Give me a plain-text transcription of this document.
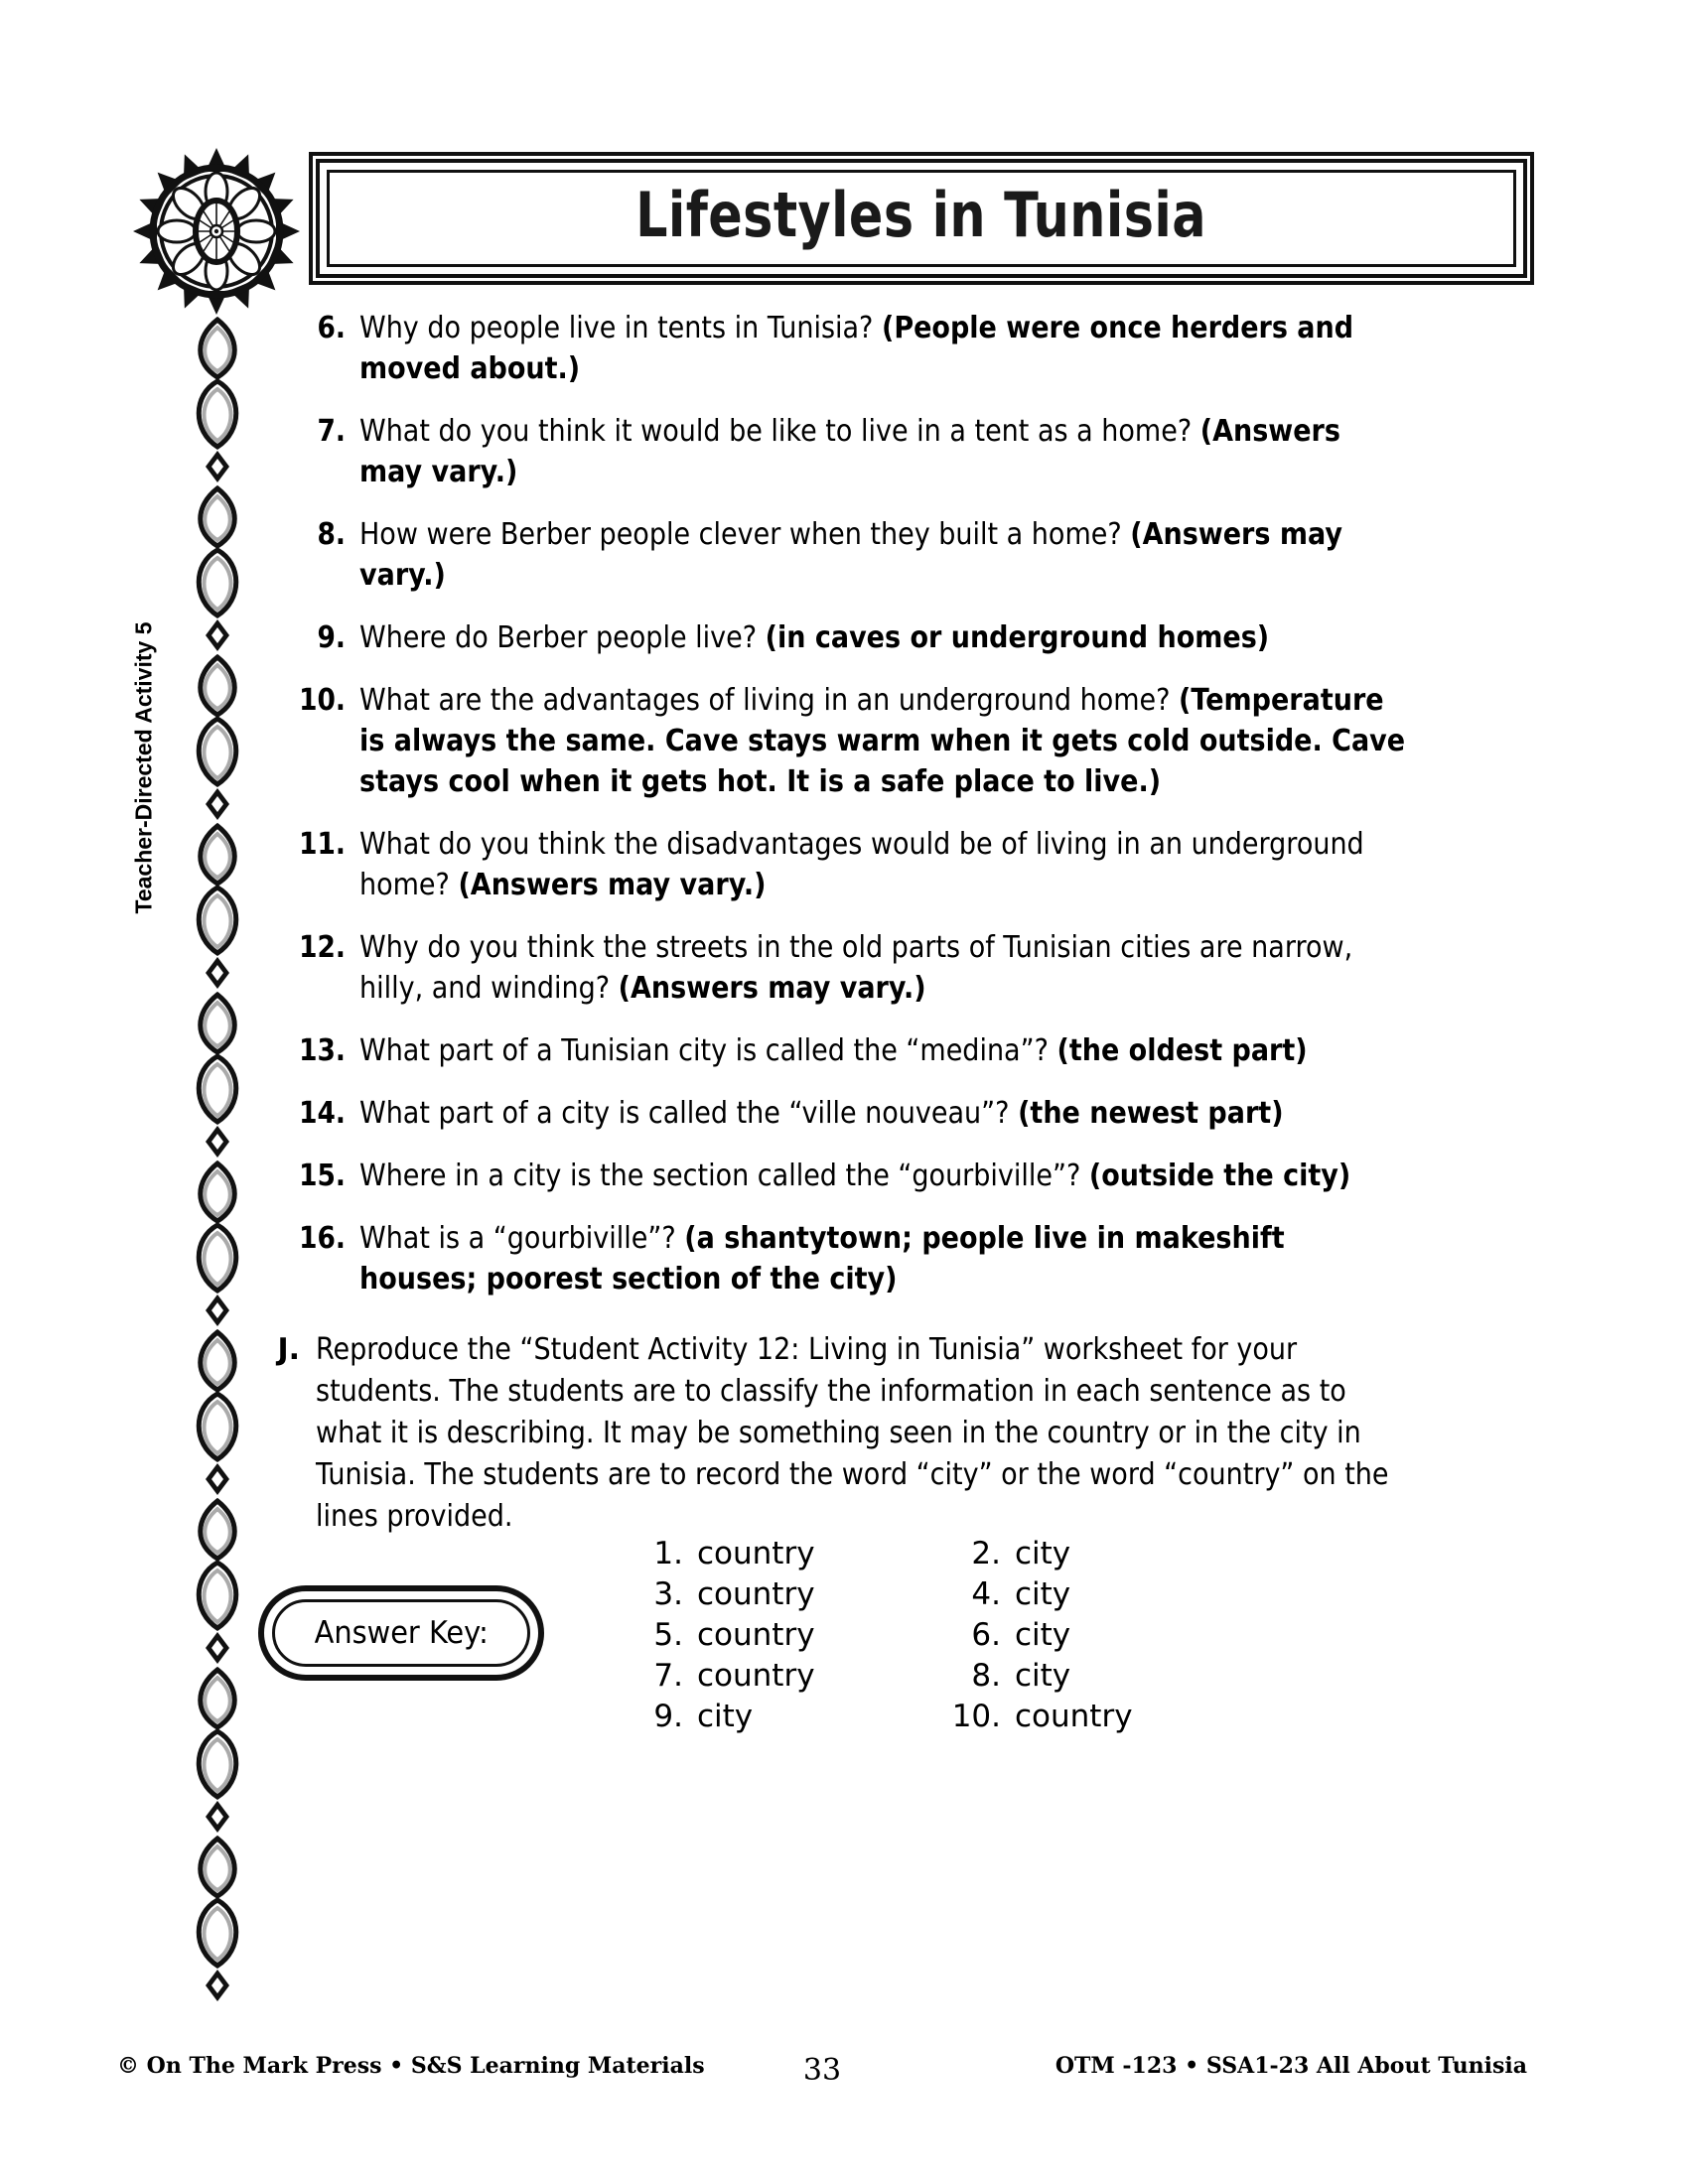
Lifestyles in Tunisia
Teacher-Directed Activity 5
6. Why do people live in tents in Tunisia? (People were once herders and moved about.)
7. What do you think it would be like to live in a tent as a home? (Answers may vary.)
8. How were Berber people clever when they built a home? (Answers may vary.)
9. Where do Berber people live? (in caves or underground homes)
10. What are the advantages of living in an underground home? (Temperature is always the same. Cave stays warm when it gets cold outside. Cave stays cool when it gets hot. It is a safe place to live.)
11. What do you think the disadvantages would be of living in an underground home? (Answers may vary.)
12. Why do you think the streets in the old parts of Tunisian cities are narrow, hilly, and winding? (Answers may vary.)
13. What part of a Tunisian city is called the “medina”? (the oldest part)
14. What part of a city is called the “ville nouveau”? (the newest part)
15. Where in a city is the section called the “gourbiville”? (outside the city)
16. What is a “gourbiville”? (a shantytown; people live in makeshift houses; poorest section of the city)
J. Reproduce the “Student Activity 12: Living in Tunisia” worksheet for your students. The students are to classify the information in each sentence as to what it is describing. It may be something seen in the country or in the city in Tunisia. The students are to record the word “city” or the word “country” on the lines provided.
Answer Key:
1. country	2. city
3. country	4. city
5. country	6. city
7. country	8. city
9. city	10. country
© On The Mark Press • S&S Learning Materials	33	OTM -123 • SSA1-23 All About Tunisia
